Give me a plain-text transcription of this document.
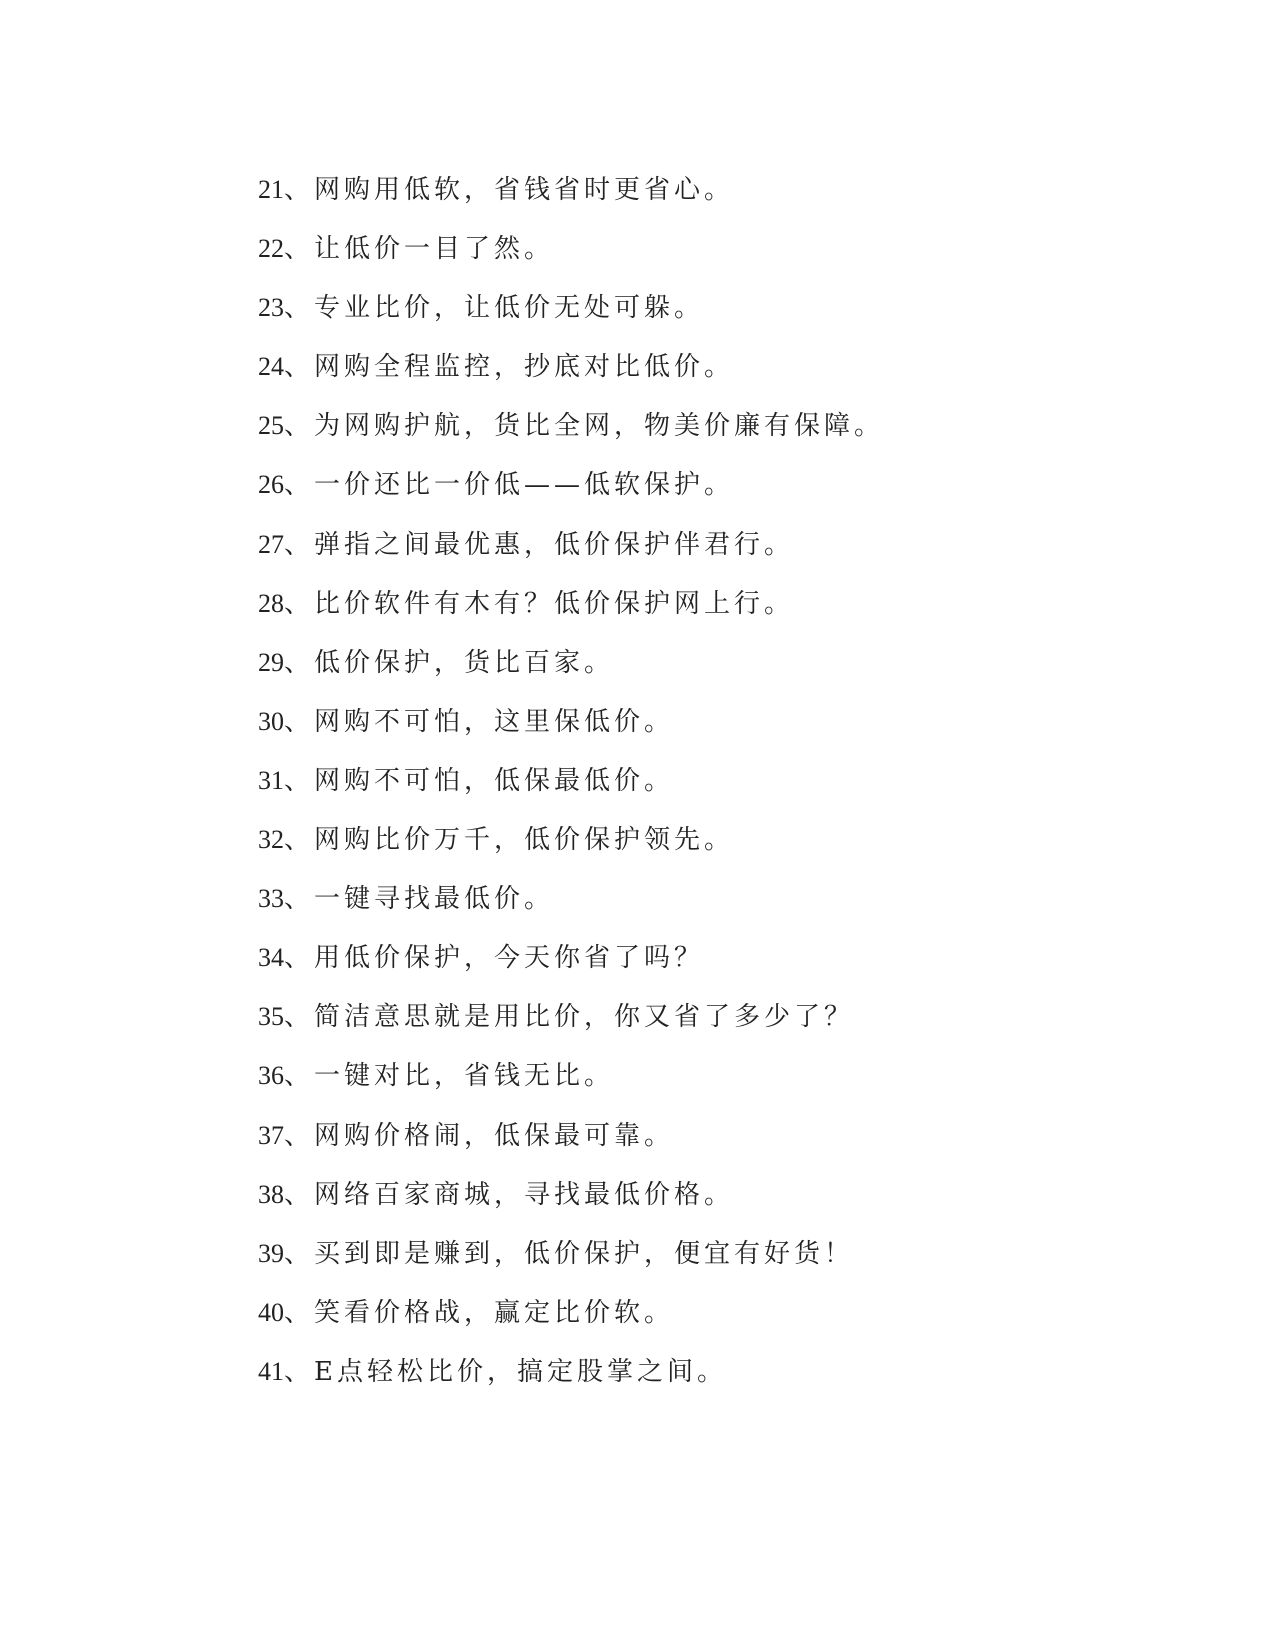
21、网购用低软，省钱省时更省心。
22、让低价一目了然。
23、专业比价，让低价无处可躲。
24、网购全程监控，抄底对比低价。
25、为网购护航，货比全网，物美价廉有保障。
26、一价还比一价低——低软保护。
27、弹指之间最优惠，低价保护伴君行。
28、比价软件有木有？低价保护网上行。
29、低价保护，货比百家。
30、网购不可怕，这里保低价。
31、网购不可怕，低保最低价。
32、网购比价万千，低价保护领先。
33、一键寻找最低价。
34、用低价保护，今天你省了吗？
35、简洁意思就是用比价，你又省了多少了？
36、一键对比，省钱无比。
37、网购价格闹，低保最可靠。
38、网络百家商城，寻找最低价格。
39、买到即是赚到，低价保护，便宜有好货！
40、笑看价格战，赢定比价软。
41、E点轻松比价，搞定股掌之间。
